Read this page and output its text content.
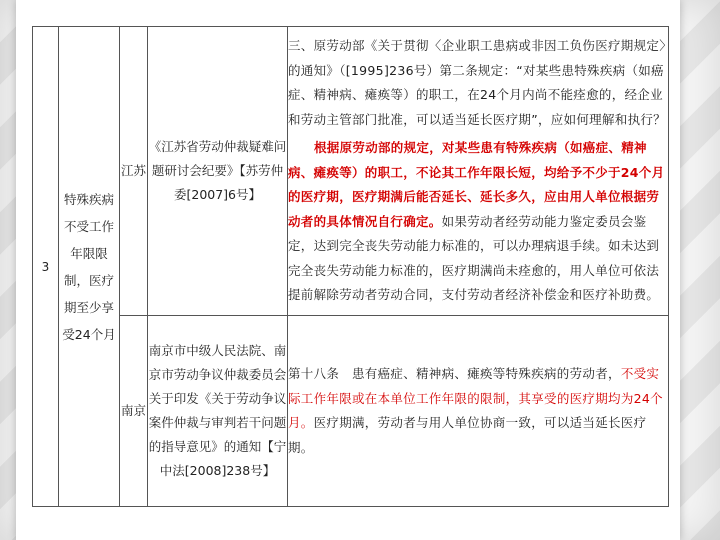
3	特殊疾病不受工作年限限制，医疗期至少享受24个月	江苏	《江苏省劳动仲裁疑难问题研讨会纪要》【苏劳仲委[2007]6号】	三、原劳动部《关于贯彻〈企业职工患病或非因工负伤医疗期规定〉的通知》（[1995]236号）第二条规定：“对某些患特殊疾病（如癌症、精神病、瘫痪等）的职工，在24个月内尚不能痊愈的，经企业和劳动主管部门批准，可以适当延长医疗期”，应如何理解和执行？
根据原劳动部的规定，对某些患有特殊疾病（如癌症、精神病、瘫痪等）的职工，不论其工作年限长短，均给予不少于24个月的医疗期，医疗期满后能否延长、延长多久，应由用人单位根据劳动者的具体情况自行确定。如果劳动者经劳动能力鉴定委员会鉴定，达到完全丧失劳动能力标准的，可以办理病退手续。如未达到完全丧失劳动能力标准的，医疗期满尚未痊愈的，用人单位可依法提前解除劳动者劳动合同，支付劳动者经济补偿金和医疗补助费。

		南京	南京市中级人民法院、南京市劳动争议仲裁委员会关于印发《关于劳动争议案件仲裁与审判若干问题的指导意见》的通知【宁中法[2008]238号】	第十八条　患有癌症、精神病、瘫痪等特殊疾病的劳动者，不受实际工作年限或在本单位工作年限的限制，其享受的医疗期均为24个月。医疗期满，劳动者与用人单位协商一致，可以适当延长医疗期。
